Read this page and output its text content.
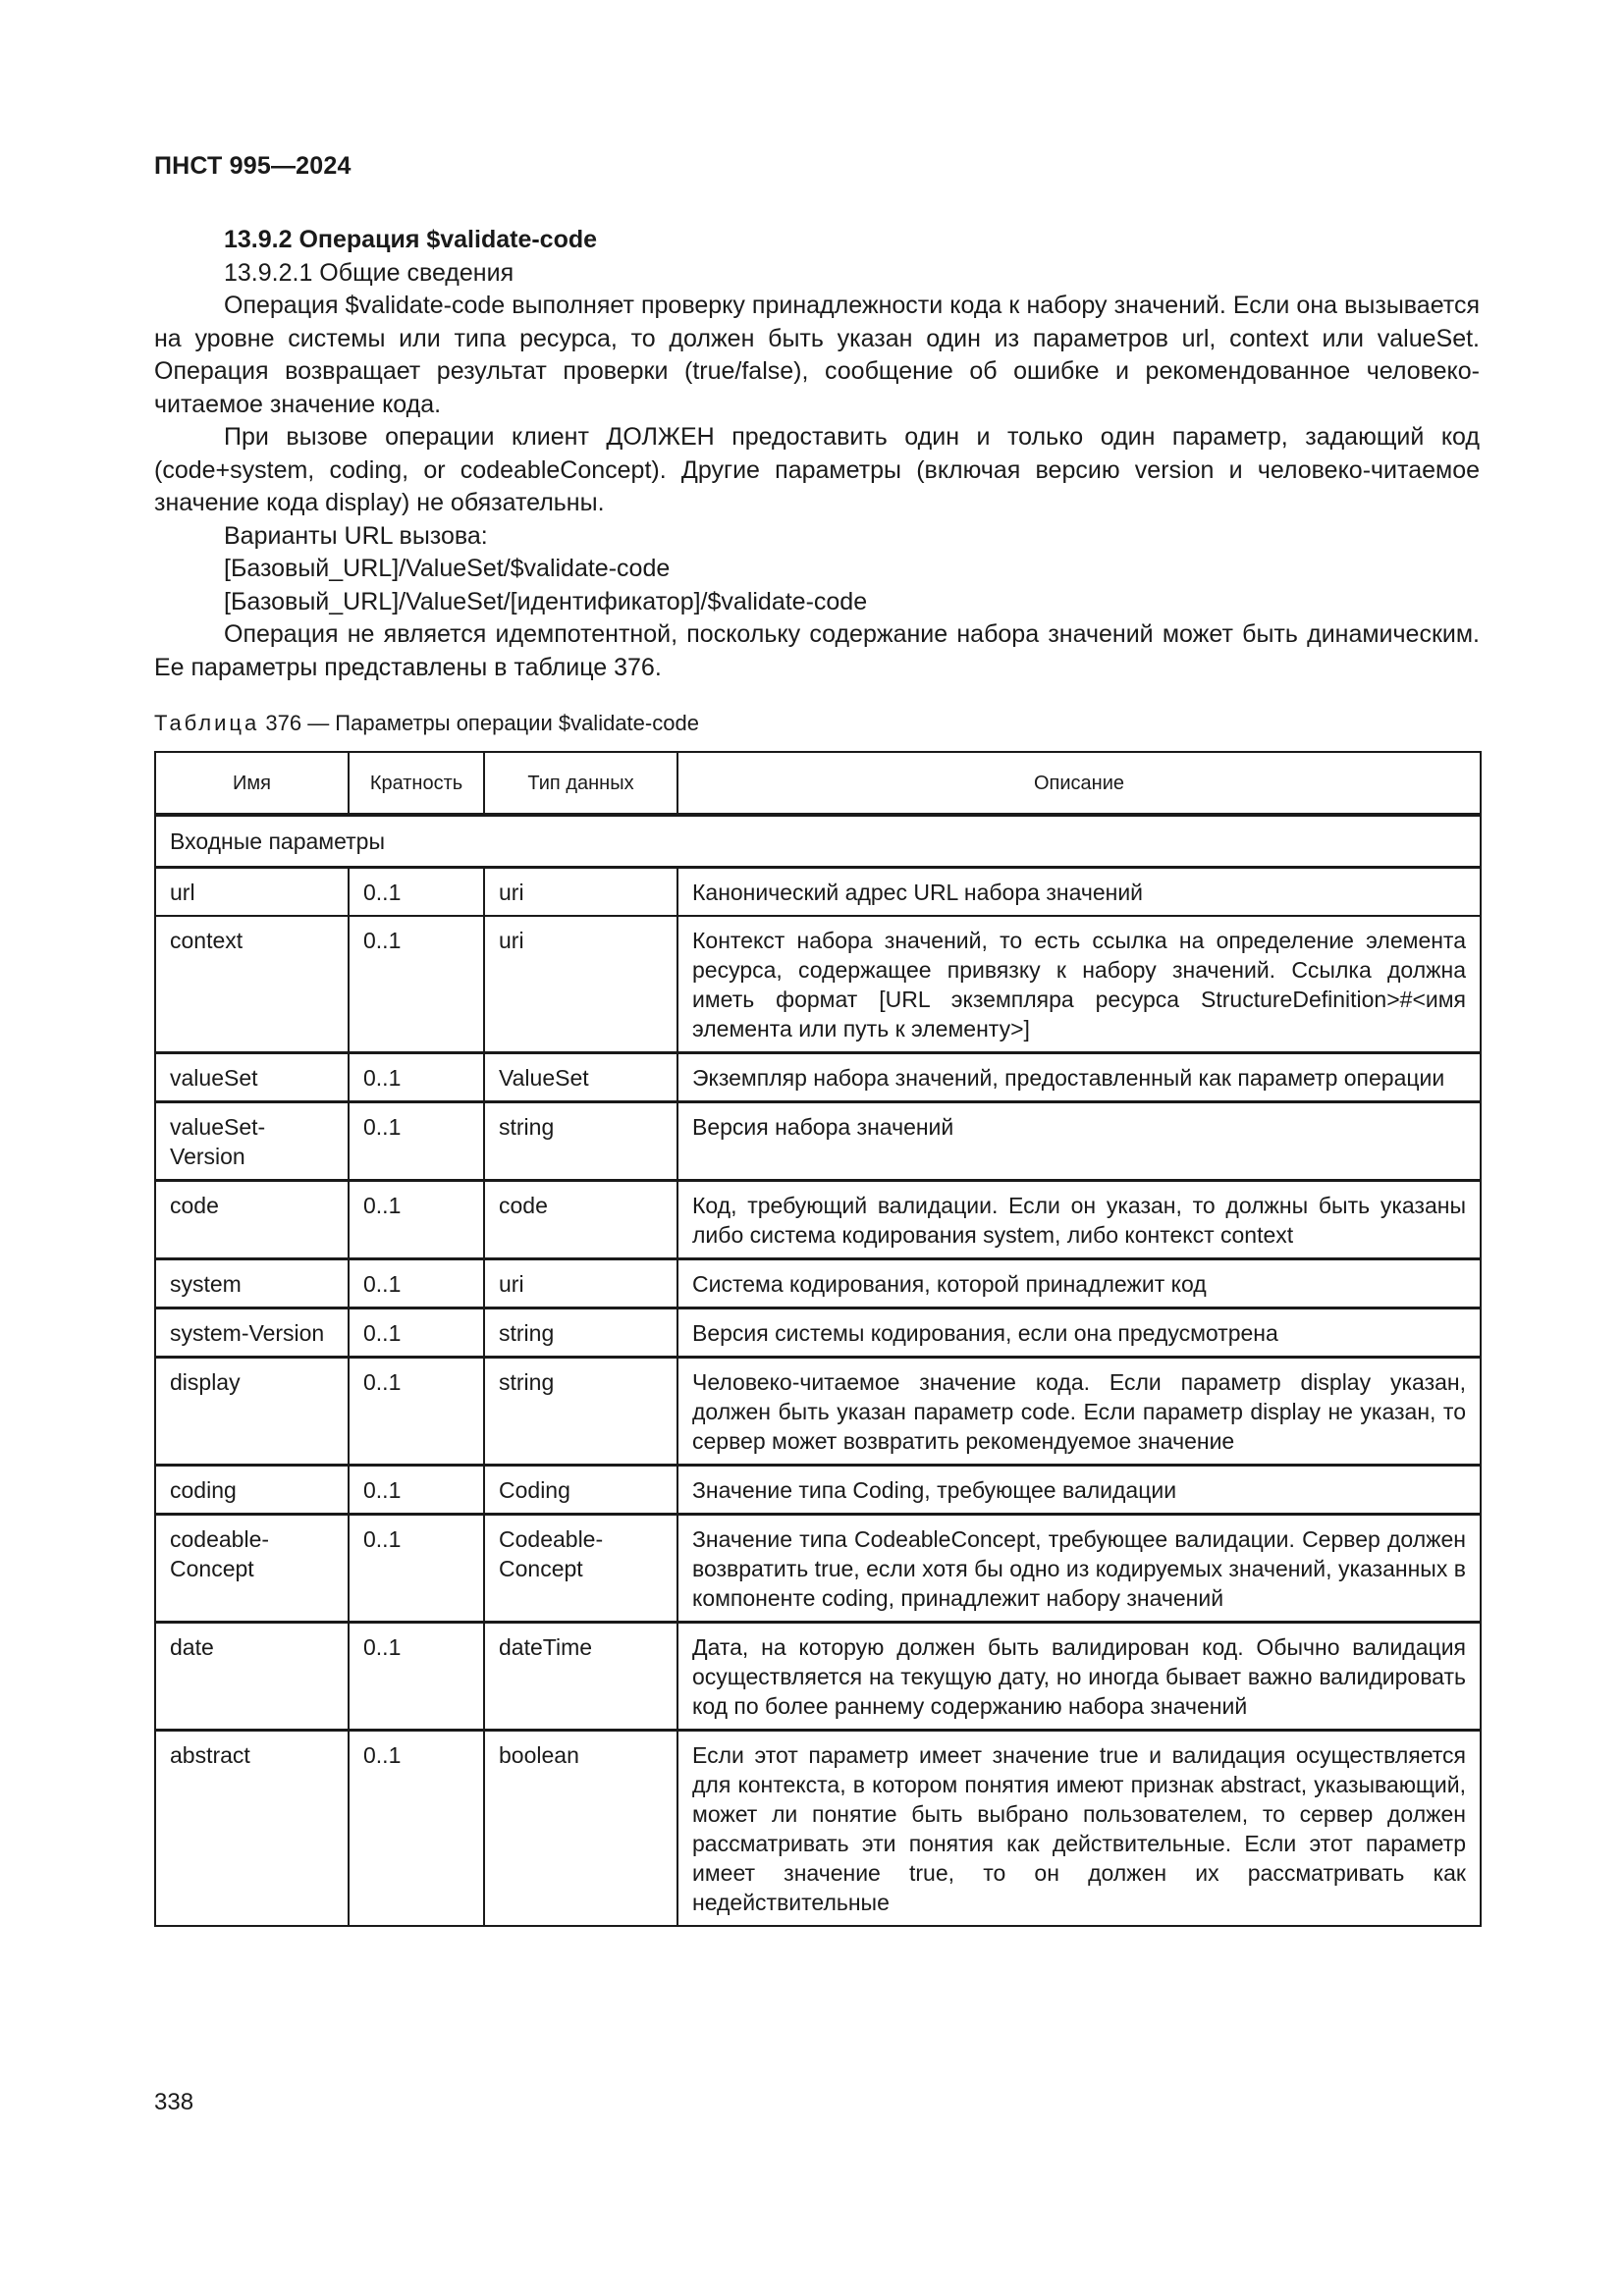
ПНСТ 995—2024

13.9.2 Операция $validate-code

13.9.2.1 Общие сведения

Операция $validate-code выполняет проверку принадлежности кода к набору значений. Если она вызывается на уровне системы или типа ресурса, то должен быть указан один из параметров url, context или valueSet. Операция возвращает результат проверки (true/false), сообщение об ошибке и рекомендованное человеко-читаемое значение кода.

При вызове операции клиент ДОЛЖЕН предоставить один и только один параметр, задающий код (code+system, coding, or codeableConcept). Другие параметры (включая версию version и человеко-читаемое значение кода display) не обязательны.

Варианты URL вызова:

[Базовый_URL]/ValueSet/$validate-code

[Базовый_URL]/ValueSet/[идентификатор]/$validate-code

Операция не является идемпотентной, поскольку содержание набора значений может быть динамическим. Ее параметры представлены в таблице 376.

Таблица 376 — Параметры операции $validate-code
Имя	Кратность	Тип данных	Описание
Входные параметры			
url	0..1	uri	Канонический адрес URL набора значений
context	0..1	uri	Контекст набора значений, то есть ссылка на определение элемента ресурса, содержащее привязку к набору значений. Ссылка должна иметь формат [URL экземпляра ресурса StructureDefinition>#<имя элемента или путь к элементу>]
valueSet	0..1	ValueSet	Экземпляр набора значений, предоставленный как параметр операции
valueSet-Version	0..1	string	Версия набора значений
code	0..1	code	Код, требующий валидации. Если он указан, то должны быть указаны либо система кодирования system, либо контекст context
system	0..1	uri	Система кодирования, которой принадлежит код
system-Version	0..1	string	Версия системы кодирования, если она предусмотрена
display	0..1	string	Человеко-читаемое значение кода. Если параметр display указан, должен быть указан параметр code. Если параметр display не указан, то сервер может возвратить рекомендуемое значение
coding	0..1	Coding	Значение типа Coding, требующее валидации
codeable-Concept	0..1	Codeable-Concept	Значение типа CodeableConcept, требующее валидации. Сервер должен возвратить true, если хотя бы одно из кодируемых значений, указанных в компоненте coding, принадлежит набору значений
date	0..1	dateTime	Дата, на которую должен быть валидирован код. Обычно валидация осуществляется на текущую дату, но иногда бывает важно валидировать код по более раннему содержанию набора значений
abstract	0..1	boolean	Если этот параметр имеет значение true и валидация осуществляется для контекста, в котором понятия имеют признак abstract, указывающий, может ли понятие быть выбрано пользователем, то сервер должен рассматривать эти понятия как действительные. Если этот параметр имеет значение true, то он должен их рассматривать как недействительные
338
